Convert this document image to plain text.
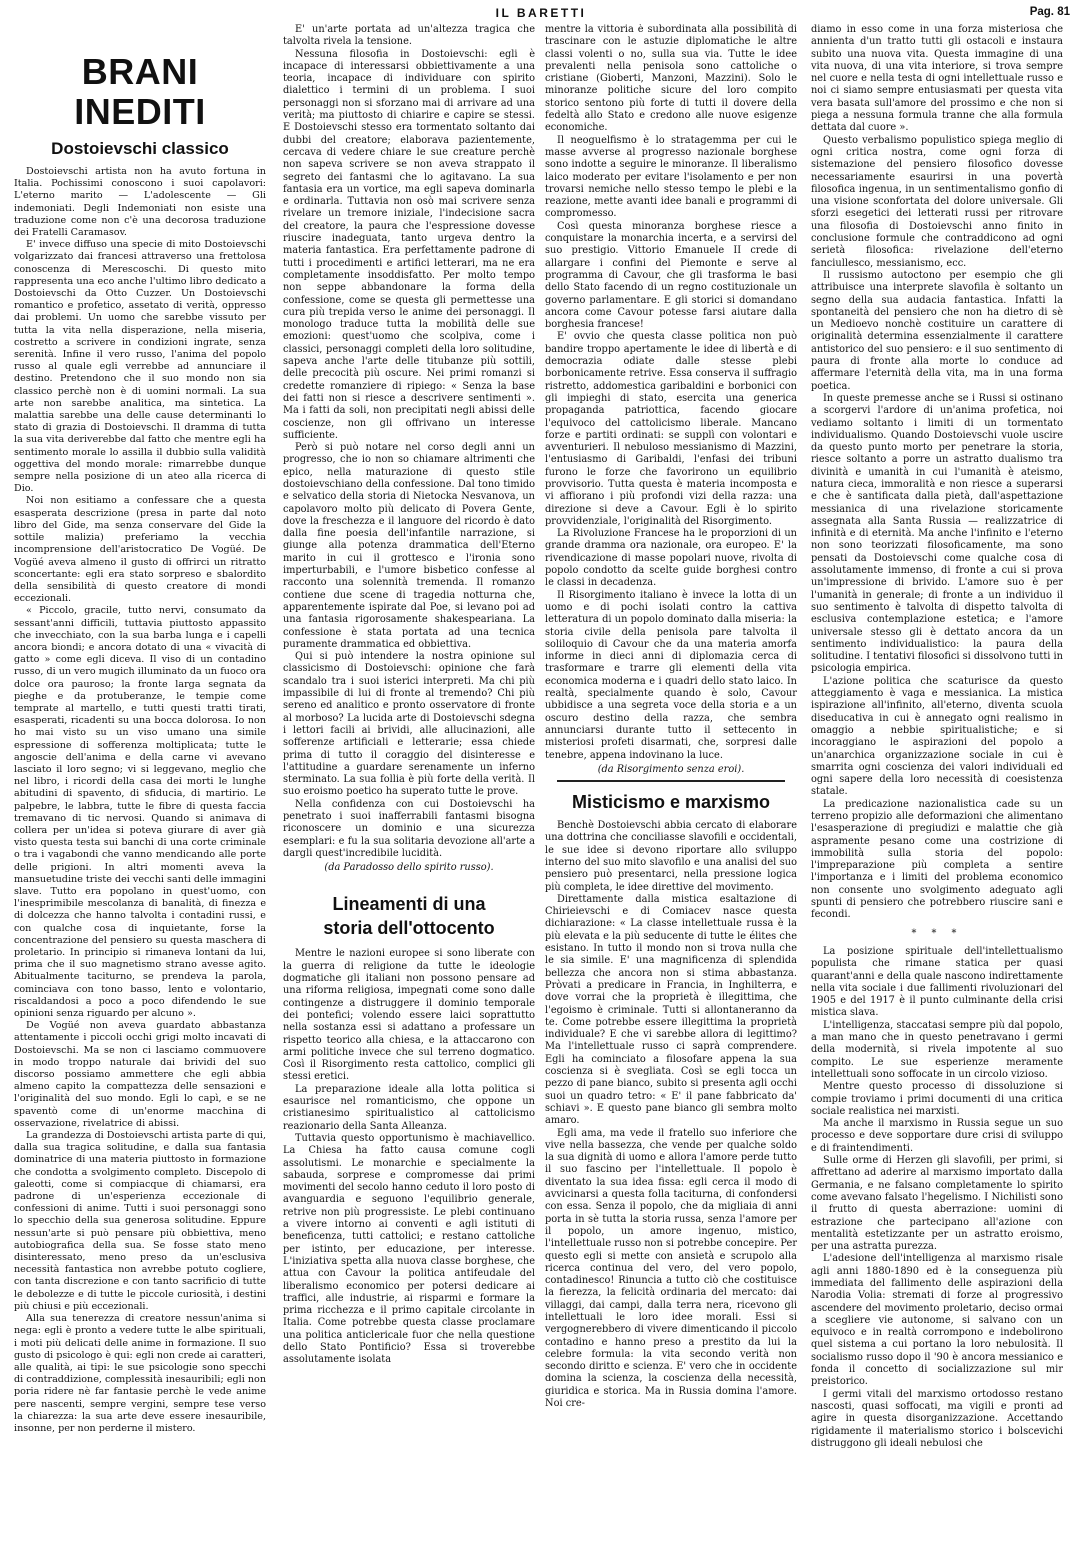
IL BARETTI	Pag. 81
BRANI INEDITI
Dostoievschi classico

Dostoievschi artista non ha avuto fortuna in Italia. Pochissimi conoscono i suoi capolavori: L'eterno marito — L'adolescente — Gli indemoniati. Degli Indemoniati non esiste una traduzione come non c'è una decorosa traduzione dei Fratelli Caramasov.

E' invece diffuso una specie di mito Dostoievschi volgarizzato dai francesi attraverso una frettolosa conoscenza di Merescoschi. Di questo mito rappresenta una eco anche l'ultimo libro dedicato a Dostoievschi da Otto Cuzzer. Un Dostoievschi romantico e profetico, assetato di verità, oppresso dai problemi. Un uomo che sarebbe vissuto per tutta la vita nella disperazione, nella miseria, costretto a scrivere in condizioni ingrate, senza serenità. Infine il vero russo, l'anima del popolo russo al quale egli verrebbe ad annunciare il destino. Pretendono che il suo mondo non sia classico perchè non è di uomini normali. La sua arte non sarebbe analitica, ma sintetica. La malattia sarebbe una delle cause determinanti lo stato di grazia di Dostoievschi. Il dramma di tutta la sua vita deriverebbe dal fatto che mentre egli ha sentimento morale lo assilla il dubbio sulla validità oggettiva del mondo morale: rimarrebbe dunque sempre nella posizione di un ateo alla ricerca di Dio.

Noi non esitiamo a confessare che a questa esasperata descrizione (presa in parte dal noto libro del Gide, ma senza conservare del Gide la sottile malizia) preferiamo la vecchia incomprensione dell'aristocratico De Vogüé. De Vogüé aveva almeno il gusto di offrirci un ritratto sconcertante: egli era stato sorpreso e sbalordito della sensibilità di questo creatore di mondi eccezionali.

« Piccolo, gracile, tutto nervi, consumato da sessant'anni difficili, tuttavia piuttosto appassito che invecchiato, con la sua barba lunga e i capelli ancora biondi; e ancora dotato di una « vivacità di gatto » come egli diceva. Il viso di un contadino russo, di un vero mugich illuminato da un fuoco ora dolce ora pauroso; la fronte larga segnata da pieghe e da protuberanze, le tempie come temprate al martello, e tutti questi tratti tirati, esasperati, ricadenti su una bocca dolorosa. Io non ho mai visto su un viso umano una simile espressione di sofferenza moltiplicata; tutte le angoscie dell'anima e della carne vi avevano lasciato il loro segno; vi si leggevano, meglio che nel libro, i ricordi della casa dei morti le lunghe abitudini di spavento, di sfiducia, di martirio. Le palpebre, le labbra, tutte le fibre di questa faccia tremavano di tic nervosi. Quando si animava di collera per un'idea si poteva giurare di aver già visto questa testa sui banchi di una corte criminale o tra i vagabondi che vanno mendicando alle porte delle prigioni. In altri momenti aveva la mansuetudine triste dei vecchi santi delle immagini slave. Tutto era popolano in quest'uomo, con l'inesprimibile mescolanza di banalità, di finezza e di dolcezza che hanno talvolta i contadini russi, e con qualche cosa di inquietante, forse la concentrazione del pensiero su questa maschera di proletario. In principio si rimaneva lontani da lui, prima che il suo magnetismo strano avesse agito. Abitualmente taciturno, se prendeva la parola, cominciava con tono basso, lento e volontario, riscaldandosi a poco a poco difendendo le sue opinioni senza riguardo per alcuno ».

De Vogüé non aveva guardato abbastanza attentamente i piccoli occhi grigi molto incavati di Dostoievschi. Ma se non ci lasciamo commuovere in modo troppo naturale dai brividi del suo discorso possiamo ammettere che egli abbia almeno capito la compattezza delle sensazioni e l'originalità del suo mondo. Egli lo capì, e se ne spaventò come di un'enorme macchina di osservazione, rivelatrice di abissi.

La grandezza di Dostoievschi artista parte di qui, dalla sua tragica solitudine, e dalla sua fantasia dominatrice di una materia piuttosto in formazione che condotta a svolgimento completo. Discepolo di galeotti, come si compiacque di chiamarsi, era padrone di un'esperienza eccezionale di confessioni di anime. Tutti i suoi personaggi sono lo specchio della sua generosa solitudine. Eppure nessun'arte si può pensare più obbiettiva, meno autobiografica della sua. Se fosse stato meno disinteressato, meno preso da un'esclusiva necessità fantastica non avrebbe potuto cogliere, con tanta discrezione e con tanto sacrificio di tutte le debolezze e di tutte le piccole curiosità, i destini più chiusi e più eccezionali.

Alla sua tenerezza di creatore nessun'anima si nega: egli è pronto a vedere tutte le albe spirituali, i moti più delicati delle anime in formazione. Il suo gusto di psicologo è qui: egli non crede ai caratteri, alle qualità, ai tipi: le sue psicologie sono specchi di contraddizione, complessità inesauribili; egli non poria ridere nè far fantasie perchè le vede anime pere nascenti, sempre vergini, sempre tese verso la chiarezza: la sua arte deve essere inesauribile, insonne, per non perderne il mistero.

E' un'arte portata ad un'altezza tragica che talvolta rivela la tensione.

Nessuna filosofia in Dostoievschi: egli è incapace di interessarsi obbiettivamente a una teoria, incapace di individuare con spirito dialettico i termini di un problema. I suoi personaggi non si sforzano mai di arrivare ad una verità; ma piuttosto di chiarire e capire se stessi. E Dostoievschi stesso era tormentato soltanto dai dubbi del creatore; elaborava pazientemente, cercava di vedere chiare le sue creature perchè non sapeva scrivere se non aveva strappato il segreto dei fantasmi che lo agitavano. La sua fantasia era un vortice, ma egli sapeva dominarla e ordinarla. Tuttavia non osò mai scrivere senza rivelare un tremore iniziale, l'indecisione sacra del creatore, la paura che l'espressione dovesse riuscire inadeguata, tanto urgeva dentro la materia fantastica. Era perfettamente padrone di tutti i procedimenti e artifici letterari, ma ne era completamente insoddisfatto. Per molto tempo non seppe abbandonare la forma della confessione, come se questa gli permettesse una cura più trepida verso le anime dei personaggi. Il monologo traduce tutta la mobilità delle sue emozioni: quest'uomo che scolpiva, come i classici, personaggi completi della loro solitudine, sapeva anche l'arte delle titubanze più sottili, delle precocità più oscure. Nei primi romanzi si credette romanziere di ripiego: « Senza la base dei fatti non si riesce a descrivere sentimenti ». Ma i fatti da soli, non precipitati negli abissi delle coscienze, non gli offrivano un interesse sufficiente.

Però si può notare nel corso degli anni un progresso, che io non so chiamare altrimenti che epico, nella maturazione di questo stile dostoievschiano della confessione. Dal tono timido e selvatico della storia di Nietocka Nesvanova, un capolavoro molto più delicato di Povera Gente, dove la freschezza e il languore del ricordo è dato dalla fine poesia dell'infantile narrazione, si giunge alla potenza drammatica dell'Eterno marito in cui il grottesco e l'ironia sono imperturbabili, e l'umore bisbetico confesse al racconto una solennità tremenda. Il romanzo contiene due scene di tragedia notturna che, apparentemente ispirate dal Poe, si levano poi ad una fantasia rigorosamente shakespeariana. La confessione è stata portata ad una tecnica puramente drammatica ed obbiettiva.

Qui si può intendere la nostra opinione sul classicismo di Dostoievschi: opinione che farà scandalo tra i suoi isterici interpreti. Ma chi più impassibile di lui di fronte al tremendo? Chi più sereno ed analitico e pronto osservatore di fronte al morboso? La lucida arte di Dostoievschi sdegna i lettori facili ai brividi, alle allucinazioni, alle sofferenze artificiali e letterarie; essa chiede prima di tutto il coraggio del disinteresse e l'attitudine a guardare serenamente un inferno sterminato. La sua follia è più forte della verità. Il suo eroismo poetico ha superato tutte le prove.

Nella confidenza con cui Dostoievschi ha penetrato i suoi inafferrabili fantasmi bisogna riconoscere un dominio e una sicurezza esemplari: e fu la sua solitaria devozione all'arte a dargli quest'incredibile lucidità.

(da Paradosso dello spirito russo).
Lineamenti di una
storia dell'ottocento

Mentre le nazioni europee si sono liberate con la guerra di religione da tutte le ideologie dogmatiche gli italiani non possono pensare ad una riforma religiosa, impegnati come sono dalle contingenze a distruggere il dominio temporale dei pontefici; volendo essere laici soprattutto nella sostanza essi si adattano a professare un rispetto teorico alla chiesa, e la attaccarono con armi politiche invece che sul terreno dogmatico. Così il Risorgimento resta cattolico, complici gli stessi eretici.

La preparazione ideale alla lotta politica si esaurisce nel romanticismo, che oppone un cristianesimo spiritualistico al cattolicismo reazionario della Santa Alleanza.

Tuttavia questo opportunismo è machiavellico. La Chiesa ha fatto causa comune cogli assolutismi. Le monarchie e specialmente la sabauda, sorprese e compromesse dai primi movimenti del secolo hanno ceduto il loro posto di avanguardia e seguono l'equilibrio generale, retrive non più progressiste. Le plebi continuano a vivere intorno ai conventi e agli istituti di beneficenza, tutti cattolici; e restano cattoliche per istinto, per educazione, per interesse. L'iniziativa spetta alla nuova classe borghese, che attua con Cavour la politica antifeudale del liberalismo economico per potersi dedicare ai traffici, alle industrie, ai risparmi e formare la prima ricchezza e il primo capitale circolante in Italia. Come potrebbe questa classe proclamare una politica anticlericale fuor che nella questione dello Stato Pontificio? Essa si troverebbe assolutamente isolata

mentre la vittoria è subordinata alla possibilità di trascinare con le astuzie diplomatiche le altre classi volenti o no, sulla sua via. Tutte le idee prevalenti nella penisola sono cattoliche o cristiane (Gioberti, Manzoni, Mazzini). Solo le minoranze politiche sicure del loro compito storico sentono più forte di tutti il dovere della fedeltà allo Stato e credono alle nuove esigenze economiche.

Il neoguelfismo è lo stratagemma per cui le masse avverse al progresso nazionale borghese sono indotte a seguire le minoranze. Il liberalismo laico moderato per evitare l'isolamento e per non trovarsi nemiche nello stesso tempo le plebi e la reazione, mette avanti idee banali e programmi di compromesso.

Così questa minoranza borghese riesce a conquistare la monarchia incerta, e a servirsi del suo prestigio. Vittorio Emanuele II crede di allargare i confini del Piemonte e serve al programma di Cavour, che gli trasforma le basi dello Stato facendo di un regno costituzionale un governo parlamentare. E gli storici si domandano ancora come Cavour potesse farsi aiutare dalla borghesia francese!

E' ovvio che questa classe politica non può bandire troppo apertamente le idee di libertà e di democrazia odiate dalle stesse plebi borbonicamente retrive. Essa conserva il suffragio ristretto, addomestica garibaldini e borbonici con gli impieghi di stato, esercita una generica propaganda patriottica, facendo giocare l'equivoco del cattolicismo liberale. Mancano forze e partiti ordinati: se supplì con volontari e avventurieri. Il nebuloso messianismo di Mazzini, l'entusiasmo di Garibaldi, l'enfasi dei tribuni furono le forze che favorirono un equilibrio provvisorio. Tutta questa è materia incomposta e vi affiorano i più profondi vizi della razza: una direzione si deve a Cavour. Egli è lo spirito provvidenziale, l'originalità del Risorgimento.

La Rivoluzione Francese ha le proporzioni di un grande dramma ora nazionale, ora europeo. E' la rivendicazione di masse popolari nuove, rivolta di popolo condotto da scelte guide borghesi contro le classi in decadenza.

Il Risorgimento italiano è invece la lotta di un uomo e di pochi isolati contro la cattiva letteratura di un popolo dominato dalla miseria: la storia civile della penisola pare talvolta il soliloquio di Cavour che da una materia amorfa informe in dieci anni di diplomazia cerca di trasformare e trarre gli elementi della vita economica moderna e i quadri dello stato laico. In realtà, specialmente quando è solo, Cavour ubbidisce a una segreta voce della storia e a un oscuro destino della razza, che sembra annunciarsi durante tutto il settecento in misteriosi profeti disarmati, che, sorpresi dalle tenebre, appena indovinano la luce.

(da Risorgimento senza eroi).
Misticismo e marxismo

Benchè Dostoievschi abbia cercato di elaborare una dottrina che conciliasse slavofili e occidentali, le sue idee si devono riportare allo sviluppo interno del suo mito slavofilo e una analisi del suo pensiero può presentarci, nella pressione logica più completa, le idee direttive del movimento.

Direttamente dalla mistica esaltazione di Chirieievschi e di Comiacev nasce questa dichiarazione: « La classe intellettuale russa è la più elevata e la più seducente di tutte le élites che esistano. In tutto il mondo non si trova nulla che le sia simile. E' una magnificenza di splendida bellezza che ancora non si stima abbastanza. Pròvati a predicare in Francia, in Inghilterra, e dove vorrai che la proprietà è illegittima, che l'egoismo è criminale. Tutti si allontaneranno da te. Come potrebbe essere illegittima la proprietà individuale? E che vi sarebbe allora di legittimo? Ma l'intellettuale russo ci saprà comprendere. Egli ha cominciato a filosofare appena la sua coscienza si è svegliata. Così se egli tocca un pezzo di pane bianco, subito si presenta agli occhi suoi un quadro tetro: « E' il pane fabbricato da' schiavi ». E questo pane bianco gli sembra molto amaro.

Egli ama, ma vede il fratello suo inferiore che vive nella bassezza, che vende per qualche soldo la sua dignità di uomo e allora l'amore perde tutto il suo fascino per l'intellettuale. Il popolo è diventato la sua idea fissa: egli cerca il modo di avvicinarsi a questa folla taciturna, di confondersi con essa. Senza il popolo, che da migliaia di anni porta in sè tutta la storia russa, senza l'amore per il popolo, un amore ingenuo, mistico, l'intellettuale russo non si potrebbe concepire. Per questo egli si mette con ansietà e scrupolo alla ricerca continua del vero, del vero popolo, contadinesco! Rinuncia a tutto ciò che costituisce la fierezza, la felicità ordinaria del mercato: dai villaggi, dai campi, dalla terra nera, ricevono gli intellettuali le loro idee morali. Essi si vergognerebbero di vivere dimenticando il piccolo contadino e hanno preso a prestito da lui la celebre formula: la vita secondo verità non secondo diritto e scienza. E' vero che in occidente domina la scienza, la coscienza della necessità, giuridica e storica. Ma in Russia domina l'amore. Noi cre-

diamo in esso come in una forza misteriosa che annienta d'un tratto tutti gli ostacoli e instaura subito una nuova vita. Questa immagine di una vita nuova, di una vita interiore, si trova sempre nel cuore e nella testa di ogni intellettuale russo e noi ci siamo sempre entusiasmati per questa vita vera basata sull'amore del prossimo e che non si piega a nessuna formula tranne che alla formula dettata dal cuore ».

Questo verbalismo populistico spiega meglio di ogni critica nostra, come ogni forza di sistemazione del pensiero filosofico dovesse necessariamente esaurirsi in una povertà filosofica ingenua, in un sentimentalismo gonfio di una visione sconfortata del dolore universale. Gli sforzi esegetici dei letterati russi per ritrovare una filosofia di Dostoievschi anno finito in conclusione formule che contraddicono ad ogni serietà filosofica: rivelazione dell'eterno fanciullesco, messianismo, ecc.

Il russismo autoctono per esempio che gli attribuisce una interprete slavofila è soltanto un segno della sua audacia fantastica. Infatti la spontaneità del pensiero che non ha dietro di sè un Medioevo nonchè costituire un carattere di originalità determina essenzialmente il carattere antistorico del suo pensiero: e il suo sentimento di paura di fronte alla morte lo conduce ad affermare l'eternità della vita, ma in una forma poetica.

In queste premesse anche se i Russi si ostinano a scorgervi l'ardore di un'anima profetica, noi vediamo soltanto i limiti di un tormentato individualismo. Quando Dostoievschi vuole uscire da questo punto morto per penetrare la storia, riesce soltanto a porre un astratto dualismo tra divinità e umanità in cui l'umanità è ateismo, natura cieca, immoralità e non riesce a superarsi e che è santificata dalla pietà, dall'aspettazione messianica di una rivelazione storicamente assegnata alla Santa Russia — realizzatrice di infinità e di eternità. Ma anche l'infinito e l'eterno non sono teorizzati filosoficamente, ma sono pensati da Dostoievschi come qualche cosa di assolutamente immenso, di fronte a cui si prova un'impressione di brivido. L'amore suo è per l'umanità in generale; di fronte a un individuo il suo sentimento è talvolta di dispetto talvolta di esclusiva contemplazione estetica; e l'amore universale stesso gli è dettato ancora da un sentimento individualistico: la paura della solitudine. I tentativi filosofici si dissolvono tutti in psicologia empirica.

L'azione politica che scaturisce da questo atteggiamento è vaga e messianica. La mistica ispirazione all'infinito, all'eterno, diventa scuola diseducativa in cui è annegato ogni realismo in omaggio a nebbie spiritualistiche; e si incoraggiano le aspirazioni del popolo a un'anarchica organizzazione sociale in cui è smarrita ogni coscienza dei valori individuali ed ogni sapere della loro necessità di coesistenza statale.

La predicazione nazionalistica cade su un terreno propizio alle deformazioni che alimentano l'esasperazione di pregiudizi e malattie che già aspramente pesano come una costrizione di immobilità sulla storia del popolo: l'impreparazione più completa a sentire l'importanza e i limiti del problema economico non consente uno svolgimento adeguato agli spunti di pensiero che potrebbero riuscire sani e fecondi.

* * *

La posizione spirituale dell'intellettualismo populista che rimane statica per quasi quarant'anni e della quale nascono indirettamente nella vita sociale i due fallimenti rivoluzionari del 1905 e del 1917 è il punto culminante della crisi mistica slava.

L'intelligenza, staccatasi sempre più dal popolo, a man mano che in questo penetravano i germi della modernità, si rivela impotente al suo compito. Le sue esperienze meramente intellettuali sono soffocate in un circolo vizioso.

Mentre questo processo di dissoluzione si compie troviamo i primi documenti di una critica sociale realistica nei marxisti.

Ma anche il marxismo in Russia segue un suo processo e deve sopportare dure crisi di sviluppo e di fraintendimenti.

Sulle orme di Herzen gli slavofili, per primi, si affrettano ad aderire al marxismo importato dalla Germania, e ne falsano completamente lo spirito come avevano falsato l'hegelismo. I Nichilisti sono il frutto di questa aberrazione: uomini di estrazione che partecipano all'azione con mentalità estetizzante per un astratto eroismo, per una astratta purezza.

L'adesione dell'intelligenza al marxismo risale agli anni 1880-1890 ed è la conseguenza più immediata del fallimento delle aspirazioni della Narodia Volia: stremati di forze al progressivo ascendere del movimento proletario, deciso ormai a scegliere vie autonome, si salvano con un equivoco e in realtà corrompono e indebolirono quel sistema a cui portano la loro nebulosità. Il socialismo russo dopo il '90 è ancora messianico e fonda il concetto di socializzazione sul mir preistorico.

I germi vitali del marxismo ortodosso restano nascosti, quasi soffocati, ma vigili e pronti ad agire in questa disorganizzazione. Accettando rigidamente il materialismo storico i bolscevichi distruggono gli ideali nebulosi che
